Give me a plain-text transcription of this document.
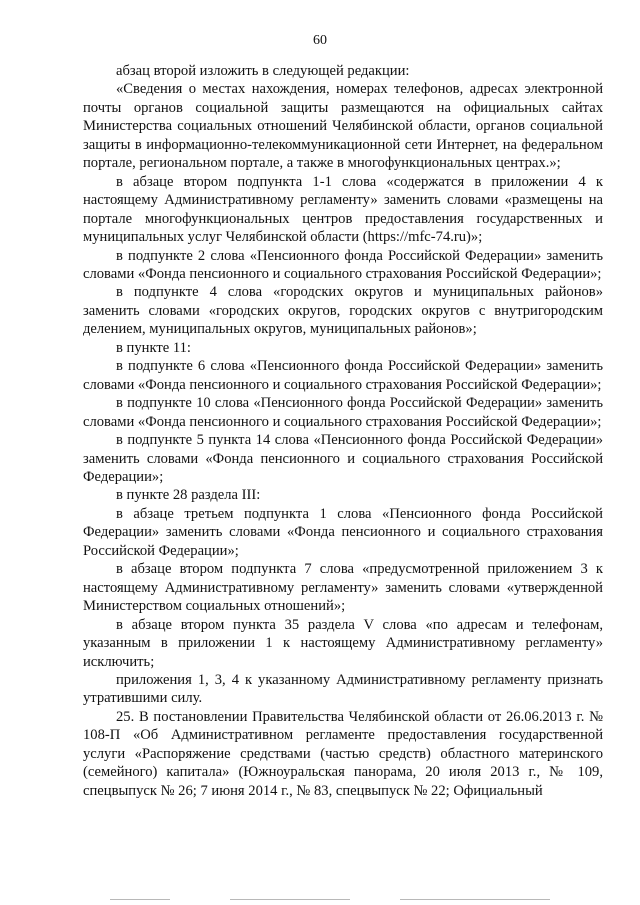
60

абзац второй изложить в следующей редакции:

«Сведения о местах нахождения, номерах телефонов, адресах электронной почты органов социальной защиты размещаются на официальных сайтах Министерства социальных отношений Челябинской области, органов социальной защиты в информационно-телекоммуникационной сети Интернет, на федеральном портале, региональном портале, а также в многофункциональных центрах.»;

в абзаце втором подпункта 1-1 слова «содержатся в приложении 4 к настоящему Административному регламенту» заменить словами «размещены на портале многофункциональных центров предоставления государственных и муниципальных услуг Челябинской области (https://mfc-74.ru)»;

в подпункте 2 слова «Пенсионного фонда Российской Федерации» заменить словами «Фонда пенсионного и социального страхования Российской Федерации»;

в подпункте 4 слова «городских округов и муниципальных районов» заменить словами «городских округов, городских округов с внутригородским делением, муниципальных округов, муниципальных районов»;

в пункте 11:

в подпункте 6 слова «Пенсионного фонда Российской Федерации» заменить словами «Фонда пенсионного и социального страхования Российской Федерации»;

в подпункте 10 слова «Пенсионного фонда Российской Федерации» заменить словами «Фонда пенсионного и социального страхования Российской Федерации»;

в подпункте 5 пункта 14 слова «Пенсионного фонда Российской Федерации» заменить словами «Фонда пенсионного и социального страхования Российской Федерации»;

в пункте 28 раздела III:

в абзаце третьем подпункта 1 слова «Пенсионного фонда Российской Федерации» заменить словами «Фонда пенсионного и социального страхования Российской Федерации»;

в абзаце втором подпункта 7 слова «предусмотренной приложением 3 к настоящему Административному регламенту» заменить словами «утвержденной Министерством социальных отношений»;

в абзаце втором пункта 35 раздела V слова «по адресам и телефонам, указанным в приложении 1 к настоящему Административному регламенту» исключить;

приложения 1, 3, 4 к указанному Административному регламенту признать утратившими силу.

25. В постановлении Правительства Челябинской области от 26.06.2013 г. № 108-П «Об Административном регламенте предоставления государственной услуги «Распоряжение средствами (частью средств) областного материнского (семейного) капитала» (Южноуральская панорама, 20 июля 2013 г., № 109, спецвыпуск № 26; 7 июня 2014 г., № 83, спецвыпуск № 22; Официальный
